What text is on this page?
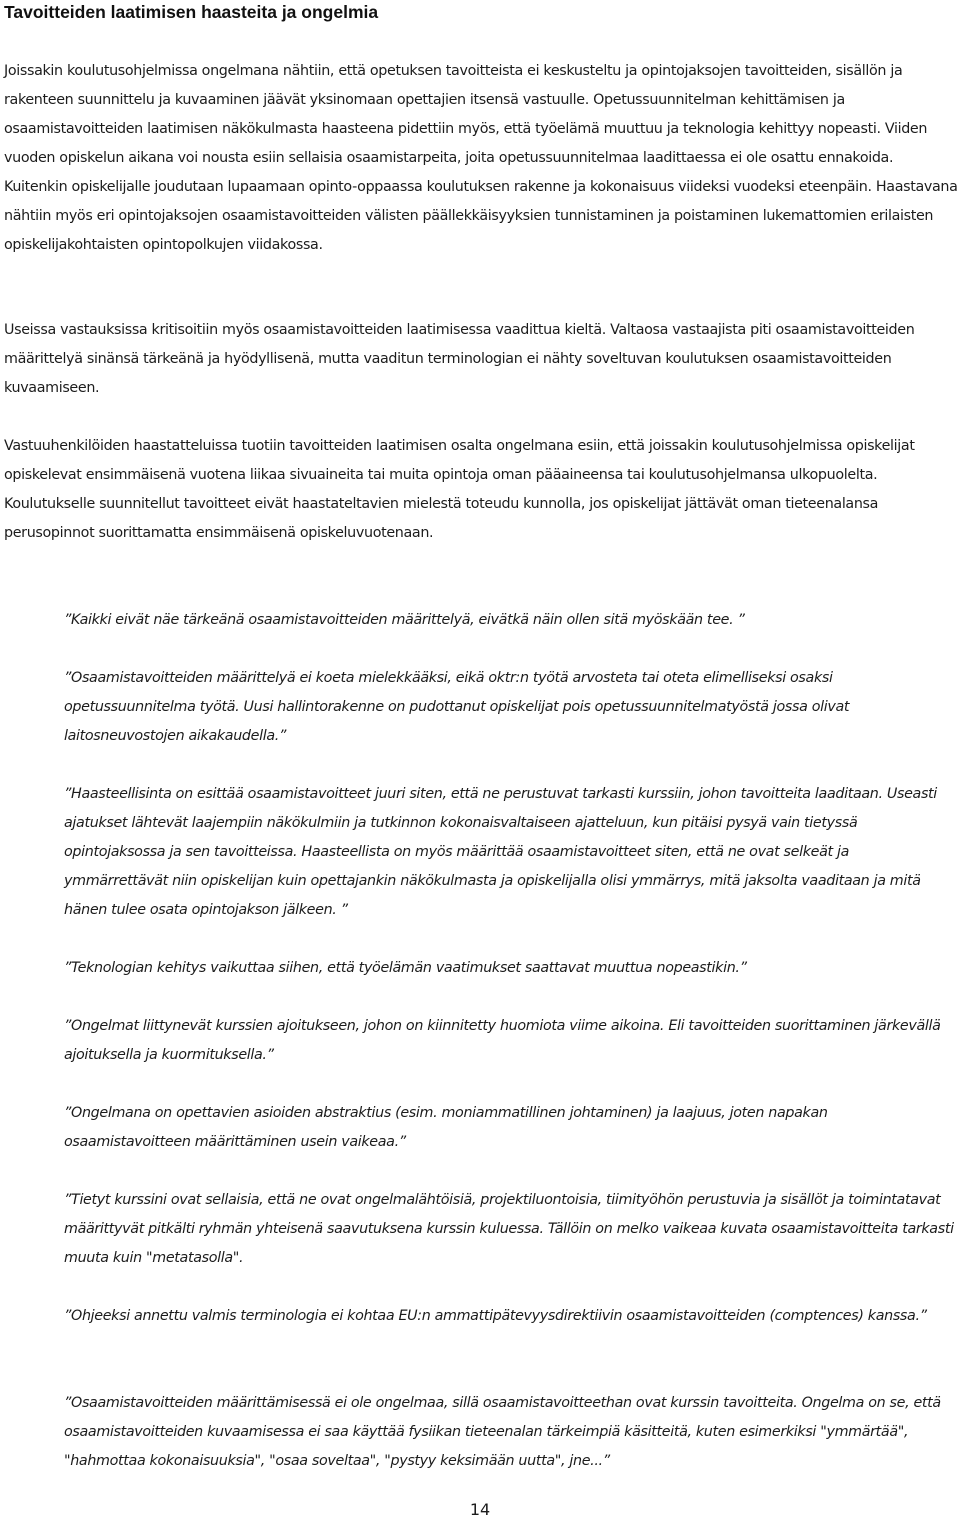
Tavoitteiden laatimisen haasteita ja ongelmia

Joissakin koulutusohjelmissa ongelmana nähtiin, että opetuksen tavoitteista ei keskusteltu ja opintojaksojen tavoitteiden, sisällön ja rakenteen suunnittelu ja kuvaaminen jäävät yksinomaan opettajien itsensä vastuulle. Opetussuunnitelman kehittämisen ja osaamistavoitteiden laatimisen näkökulmasta haasteena pidettiin myös, että työelämä muuttuu ja teknologia kehittyy nopeasti. Viiden vuoden opiskelun aikana voi nousta esiin sellaisia osaamistarpeita, joita opetussuunnitelmaa laadittaessa ei ole osattu ennakoida. Kuitenkin opiskelijalle joudutaan lupaamaan opinto-oppaassa koulutuksen rakenne ja kokonaisuus viideksi vuodeksi eteenpäin. Haastavana nähtiin myös eri opintojaksojen osaamistavoitteiden välisten päällekkäisyyksien tunnistaminen ja poistaminen lukemattomien erilaisten opiskelijakohtaisten opintopolkujen viidakossa.

Useissa vastauksissa kritisoitiin myös osaamistavoitteiden laatimisessa vaadittua kieltä. Valtaosa vastaajista piti osaamistavoitteiden määrittelyä sinänsä tärkeänä ja hyödyllisenä, mutta vaaditun terminologian ei nähty soveltuvan koulutuksen osaamistavoitteiden kuvaamiseen.

Vastuuhenkilöiden haastatteluissa tuotiin tavoitteiden laatimisen osalta ongelmana esiin, että joissakin koulutusohjelmissa opiskelijat opiskelevat ensimmäisenä vuotena liikaa sivuaineita tai muita opintoja oman pääaineensa tai koulutusohjelmansa ulkopuolelta. Koulutukselle suunnitellut tavoitteet eivät haastateltavien mielestä toteudu kunnolla, jos opiskelijat jättävät oman tieteenalansa perusopinnot suorittamatta ensimmäisenä opiskeluvuotenaan.

”Kaikki eivät näe tärkeänä osaamistavoitteiden määrittelyä, eivätkä näin ollen sitä myöskään tee. ”

”Osaamistavoitteiden määrittelyä ei koeta mielekkääksi, eikä oktr:n työtä arvosteta tai oteta elimelliseksi osaksi opetussuunnitelma työtä. Uusi hallintorakenne on pudottanut opiskelijat pois opetussuunnitelmatyöstä jossa olivat laitosneuvostojen aikakaudella.”

”Haasteellisinta on esittää osaamistavoitteet juuri siten, että ne perustuvat tarkasti kurssiin, johon tavoitteita laaditaan. Useasti ajatukset lähtevät laajempiin näkökulmiin ja tutkinnon kokonaisvaltaiseen ajatteluun, kun pitäisi pysyä vain tietyssä opintojaksossa ja sen tavoitteissa. Haasteellista on myös määrittää osaamistavoitteet siten, että ne ovat selkeät ja ymmärrettävät niin opiskelijan kuin opettajankin näkökulmasta ja opiskelijalla olisi ymmärrys, mitä jaksolta vaaditaan ja mitä hänen tulee osata opintojakson jälkeen. ”

”Teknologian kehitys vaikuttaa siihen, että työelämän vaatimukset saattavat muuttua nopeastikin.”

”Ongelmat liittynevät kurssien ajoitukseen, johon on kiinnitetty huomiota viime aikoina. Eli tavoitteiden suorittaminen järkevällä ajoituksella ja kuormituksella.”

”Ongelmana on opettavien asioiden abstraktius (esim. moniammatillinen johtaminen) ja laajuus, joten napakan osaamistavoitteen määrittäminen usein vaikeaa.”

”Tietyt kurssini ovat sellaisia, että ne ovat ongelmalähtöisiä, projektiluontoisia, tiimityöhön perustuvia ja sisällöt ja toimintatavat määrittyvät pitkälti ryhmän yhteisenä saavutuksena kurssin kuluessa. Tällöin on melko vaikeaa kuvata osaamistavoitteita tarkasti muuta kuin "metatasolla".

”Ohjeeksi annettu valmis terminologia ei kohtaa EU:n ammattipätevyysdirektiivin osaamistavoitteiden (comptences) kanssa.”

”Osaamistavoitteiden määrittämisessä ei ole ongelmaa, sillä osaamistavoitteethan ovat kurssin tavoitteita. Ongelma on se, että osaamistavoitteiden kuvaamisessa ei saa käyttää fysiikan tieteenalan tärkeimpiä käsitteitä, kuten esimerkiksi "ymmärtää", "hahmottaa kokonaisuuksia", "osaa soveltaa", "pystyy keksimään uutta", jne...”

14
